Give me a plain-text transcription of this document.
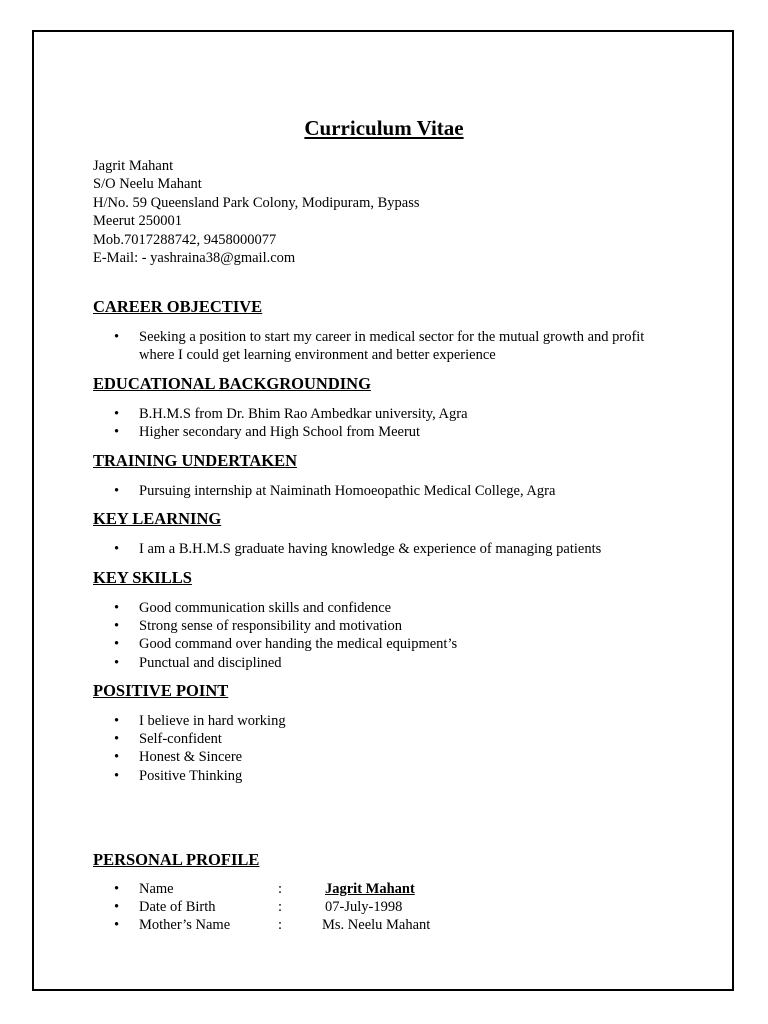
Curriculum Vitae
Jagrit Mahant
S/O Neelu Mahant
H/No. 59 Queensland Park Colony, Modipuram, Bypass
Meerut 250001
Mob.7017288742, 9458000077
E-Mail: - yashraina38@gmail.com
CAREER OBJECTIVE
• Seeking a position to start my career in medical sector for the mutual growth and profit where I could get learning environment and better experience
EDUCATIONAL BACKGROUNDING
• B.H.M.S from Dr. Bhim Rao Ambedkar university, Agra
• Higher secondary and High School from Meerut
TRAINING UNDERTAKEN
• Pursuing internship at Naiminath Homoeopathic Medical College, Agra
KEY LEARNING
• I am a B.H.M.S graduate having knowledge & experience of managing patients
KEY SKILLS
• Good communication skills and confidence
• Strong sense of responsibility and motivation
• Good command over handing the medical equipment’s
• Punctual and disciplined
POSITIVE POINT
• I believe in hard working
• Self-confident
• Honest & Sincere
• Positive Thinking
PERSONAL PROFILE
• Name	:	Jagrit Mahant
• Date of Birth	:	07-July-1998
• Mother’s Name	:	Ms. Neelu Mahant
